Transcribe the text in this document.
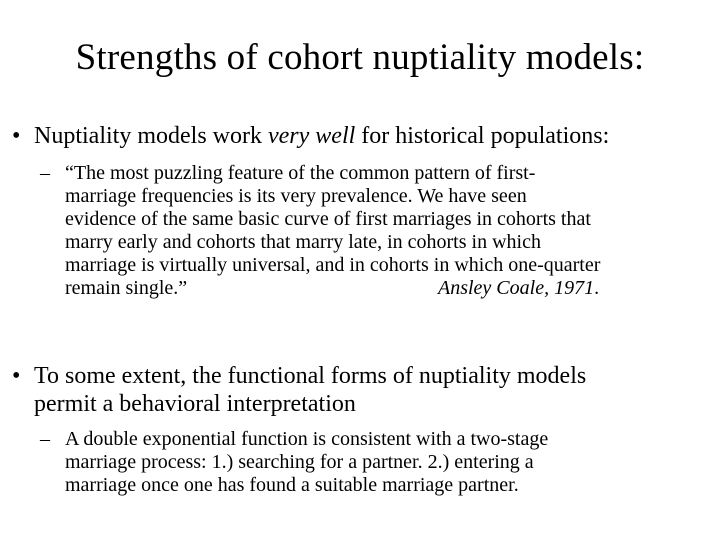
Strengths of cohort nuptiality models:
• Nuptiality models work very well for historical populations:
– “The most puzzling feature of the common pattern of first-
marriage frequencies is its very prevalence. We have seen
evidence of the same basic curve of first marriages in cohorts that
marry early and cohorts that marry late, in cohorts in which
marriage is virtually universal, and in cohorts in which one-quarter
remain single.”	Ansley Coale, 1971.
• To some extent, the functional forms of nuptiality models
permit a behavioral interpretation
– A double exponential function is consistent with a two-stage
marriage process: 1.) searching for a partner. 2.) entering a
marriage once one has found a suitable marriage partner.
